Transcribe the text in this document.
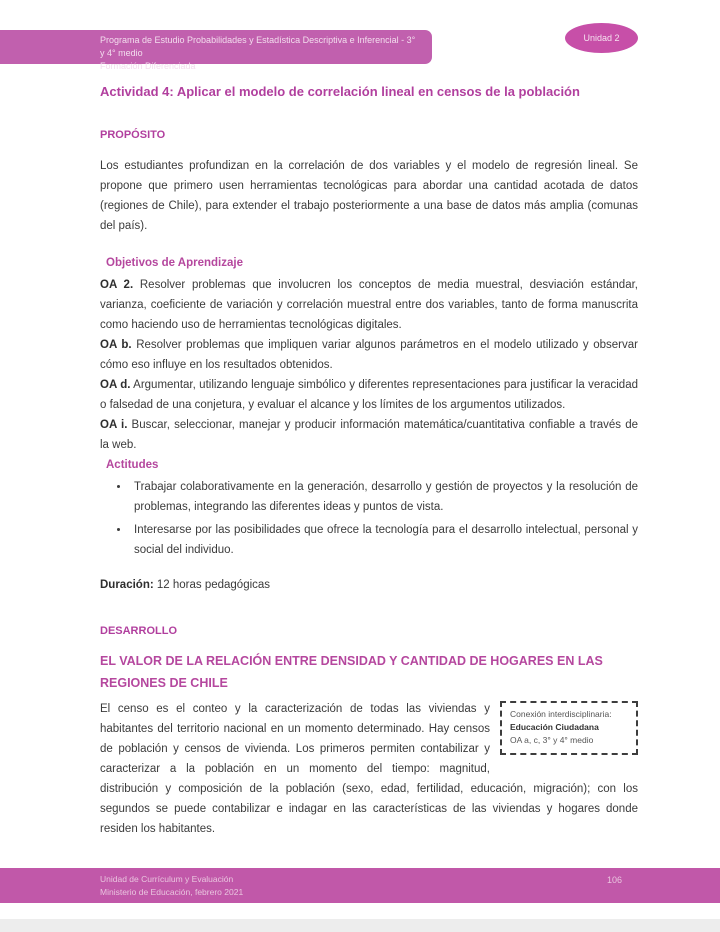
Programa de Estudio Probabilidades y Estadística Descriptiva e Inferencial - 3° y 4° medio
Formación Diferenciada
Unidad 2
Actividad 4: Aplicar el modelo de correlación lineal en censos de la población
PROPÓSITO

Los estudiantes profundizan en la correlación de dos variables y el modelo de regresión lineal. Se propone que primero usen herramientas tecnológicas para abordar una cantidad acotada de datos (regiones de Chile), para extender el trabajo posteriormente a una base de datos más amplia (comunas del país).

Objetivos de Aprendizaje

OA 2. Resolver problemas que involucren los conceptos de media muestral, desviación estándar, varianza, coeficiente de variación y correlación muestral entre dos variables, tanto de forma manuscrita como haciendo uso de herramientas tecnológicas digitales.

OA b. Resolver problemas que impliquen variar algunos parámetros en el modelo utilizado y observar cómo eso influye en los resultados obtenidos.

OA d. Argumentar, utilizando lenguaje simbólico y diferentes representaciones para justificar la veracidad o falsedad de una conjetura, y evaluar el alcance y los límites de los argumentos utilizados.

OA i. Buscar, seleccionar, manejar y producir información matemática/cuantitativa confiable a través de la web.

Actitudes
• Trabajar colaborativamente en la generación, desarrollo y gestión de proyectos y la resolución de problemas, integrando las diferentes ideas y puntos de vista.
• Interesarse por las posibilidades que ofrece la tecnología para el desarrollo intelectual, personal y social del individuo.

Duración: 12 horas pedagógicas

DESARROLLO
EL VALOR DE LA RELACIÓN ENTRE DENSIDAD Y CANTIDAD DE HOGARES EN LAS REGIONES DE CHILE

Conexión interdisciplinaria:
Educación Ciudadana
OA a, c, 3° y 4° medio
El censo es el conteo y la caracterización de todas las viviendas y habitantes del territorio nacional en un momento determinado. Hay censos de población y censos de vivienda. Los primeros permiten contabilizar y caracterizar a la población en un momento del tiempo: magnitud, distribución y composición de la población (sexo, edad, fertilidad, educación, migración); con los segundos se puede contabilizar e indagar en las características de las viviendas y hogares donde residen los habitantes.

Unidad de Currículum y Evaluación
Ministerio de Educación, febrero 2021
106
